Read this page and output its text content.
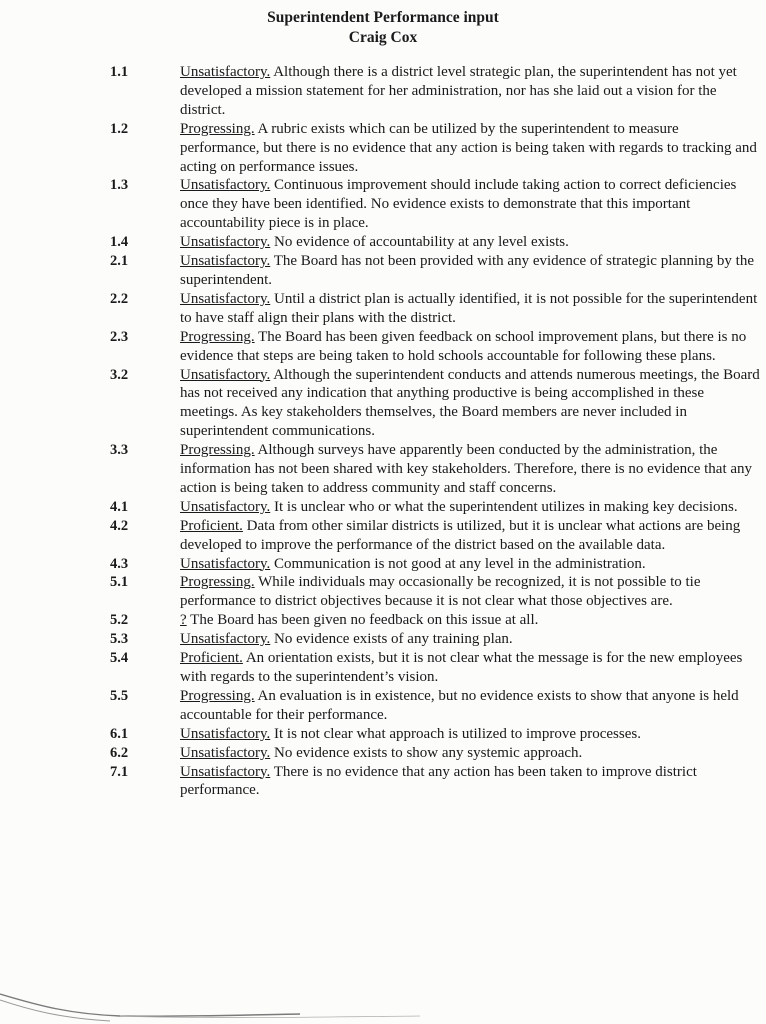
Superintendent Performance input
Craig Cox
1.1	Unsatisfactory. Although there is a district level strategic plan, the superintendent has not yet developed a mission statement for her administration, nor has she laid out a vision for the district.
1.2	Progressing. A rubric exists which can be utilized by the superintendent to measure performance, but there is no evidence that any action is being taken with regards to tracking and acting on performance issues.
1.3	Unsatisfactory. Continuous improvement should include taking action to correct deficiencies once they have been identified. No evidence exists to demonstrate that this important accountability piece is in place.
1.4	Unsatisfactory. No evidence of accountability at any level exists.
2.1	Unsatisfactory. The Board has not been provided with any evidence of strategic planning by the superintendent.
2.2	Unsatisfactory. Until a district plan is actually identified, it is not possible for the superintendent to have staff align their plans with the district.
2.3	Progressing. The Board has been given feedback on school improvement plans, but there is no evidence that steps are being taken to hold schools accountable for following these plans.
3.2	Unsatisfactory. Although the superintendent conducts and attends numerous meetings, the Board has not received any indication that anything productive is being accomplished in these meetings. As key stakeholders themselves, the Board members are never included in superintendent communications.
3.3	Progressing. Although surveys have apparently been conducted by the administration, the information has not been shared with key stakeholders. Therefore, there is no evidence that any action is being taken to address community and staff concerns.
4.1	Unsatisfactory. It is unclear who or what the superintendent utilizes in making key decisions.
4.2	Proficient. Data from other similar districts is utilized, but it is unclear what actions are being developed to improve the performance of the district based on the available data.
4.3	Unsatisfactory. Communication is not good at any level in the administration.
5.1	Progressing. While individuals may occasionally be recognized, it is not possible to tie performance to district objectives because it is not clear what those objectives are.
5.2	? The Board has been given no feedback on this issue at all.
5.3	Unsatisfactory. No evidence exists of any training plan.
5.4	Proficient. An orientation exists, but it is not clear what the message is for the new employees with regards to the superintendent’s vision.
5.5	Progressing. An evaluation is in existence, but no evidence exists to show that anyone is held accountable for their performance.
6.1	Unsatisfactory. It is not clear what approach is utilized to improve processes.
6.2	Unsatisfactory. No evidence exists to show any systemic approach.
7.1	Unsatisfactory. There is no evidence that any action has been taken to improve district performance.
